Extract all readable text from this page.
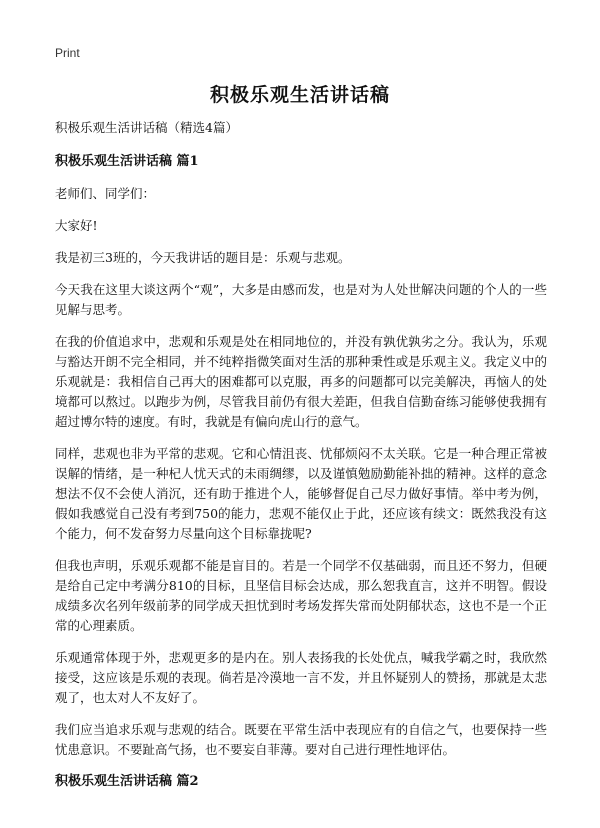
Print
积极乐观生活讲话稿

积极乐观生活讲话稿（精选4篇）

积极乐观生活讲话稿 篇1

老师们、同学们：

大家好!

我是初三3班的，今天我讲话的题目是：乐观与悲观。

今天我在这里大谈这两个“观”，大多是由感而发，也是对为人处世解决问题的个人的一些见解与思考。

在我的价值追求中，悲观和乐观是处在相同地位的，并没有孰优孰劣之分。我认为，乐观与豁达开朗不完全相同，并不纯粹指微笑面对生活的那种秉性或是乐观主义。我定义中的乐观就是：我相信自己再大的困难都可以克服，再多的问题都可以完美解决，再恼人的处境都可以熬过。以跑步为例，尽管我目前仍有很大差距，但我自信勤奋练习能够使我拥有超过博尔特的速度。有时，我就是有偏向虎山行的意气。

同样，悲观也非为平常的悲观。它和心情沮丧、忧郁烦闷不太关联。它是一种合理正常被误解的情绪，是一种杞人忧天式的未雨绸缪，以及谨慎勉励勤能补拙的精神。这样的意念想法不仅不会使人消沉，还有助于推进个人，能够督促自己尽力做好事情。举中考为例，假如我感觉自己没有考到750的能力，悲观不能仅止于此，还应该有续文：既然我没有这个能力，何不发奋努力尽量向这个目标靠拢呢?

但我也声明，乐观乐观都不能是盲目的。若是一个同学不仅基础弱，而且还不努力，但硬是给自己定中考满分810的目标，且坚信目标会达成，那么恕我直言，这并不明智。假设成绩多次名列年级前茅的同学成天担忧到时考场发挥失常而处阴郁状态，这也不是一个正常的心理素质。

乐观通常体现于外，悲观更多的是内在。别人表扬我的长处优点，喊我学霸之时，我欣然接受，这应该是乐观的表现。倘若是冷漠地一言不发，并且怀疑别人的赞扬，那就是太悲观了，也太对人不友好了。

我们应当追求乐观与悲观的结合。既要在平常生活中表现应有的自信之气，也要保持一些忧患意识。不要趾高气扬，也不要妄自菲薄。要对自己进行理性地评估。

积极乐观生活讲话稿 篇2
